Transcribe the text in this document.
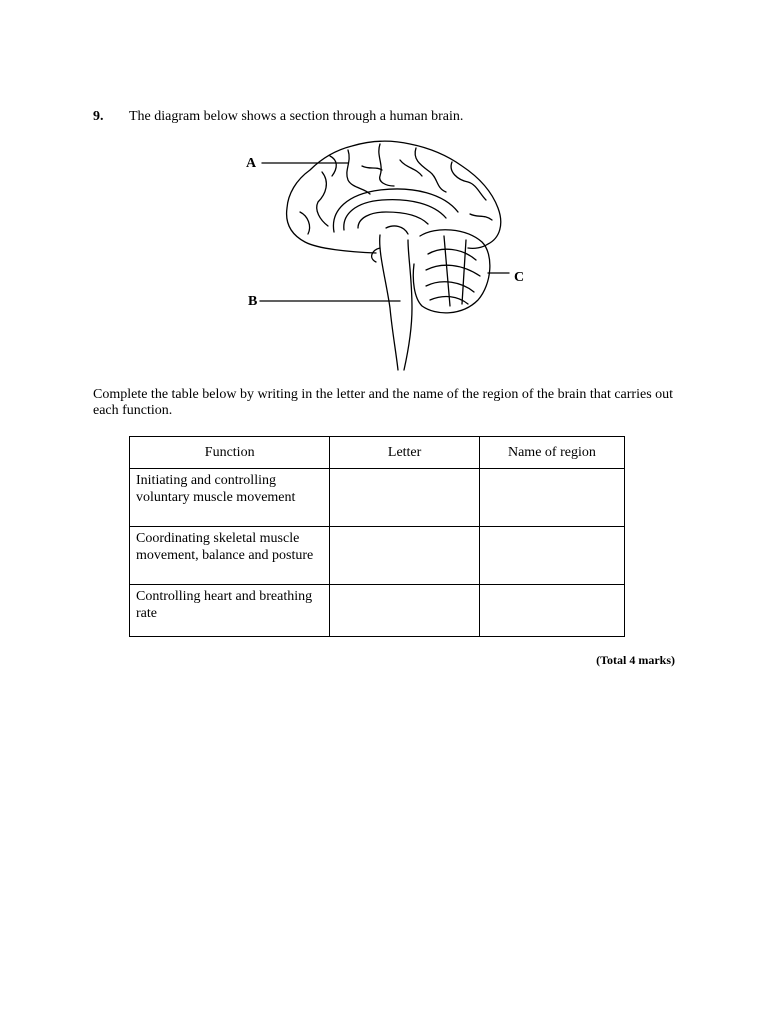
9. The diagram below shows a section through a human brain.
A
B
C
Complete the table below by writing in the letter and the name of the region of the brain that carries out each function.
Function	Letter	Name of region
Initiating and controlling voluntary muscle movement		
Coordinating skeletal muscle movement, balance and posture		
Controlling heart and breathing rate		
(Total 4 marks)
